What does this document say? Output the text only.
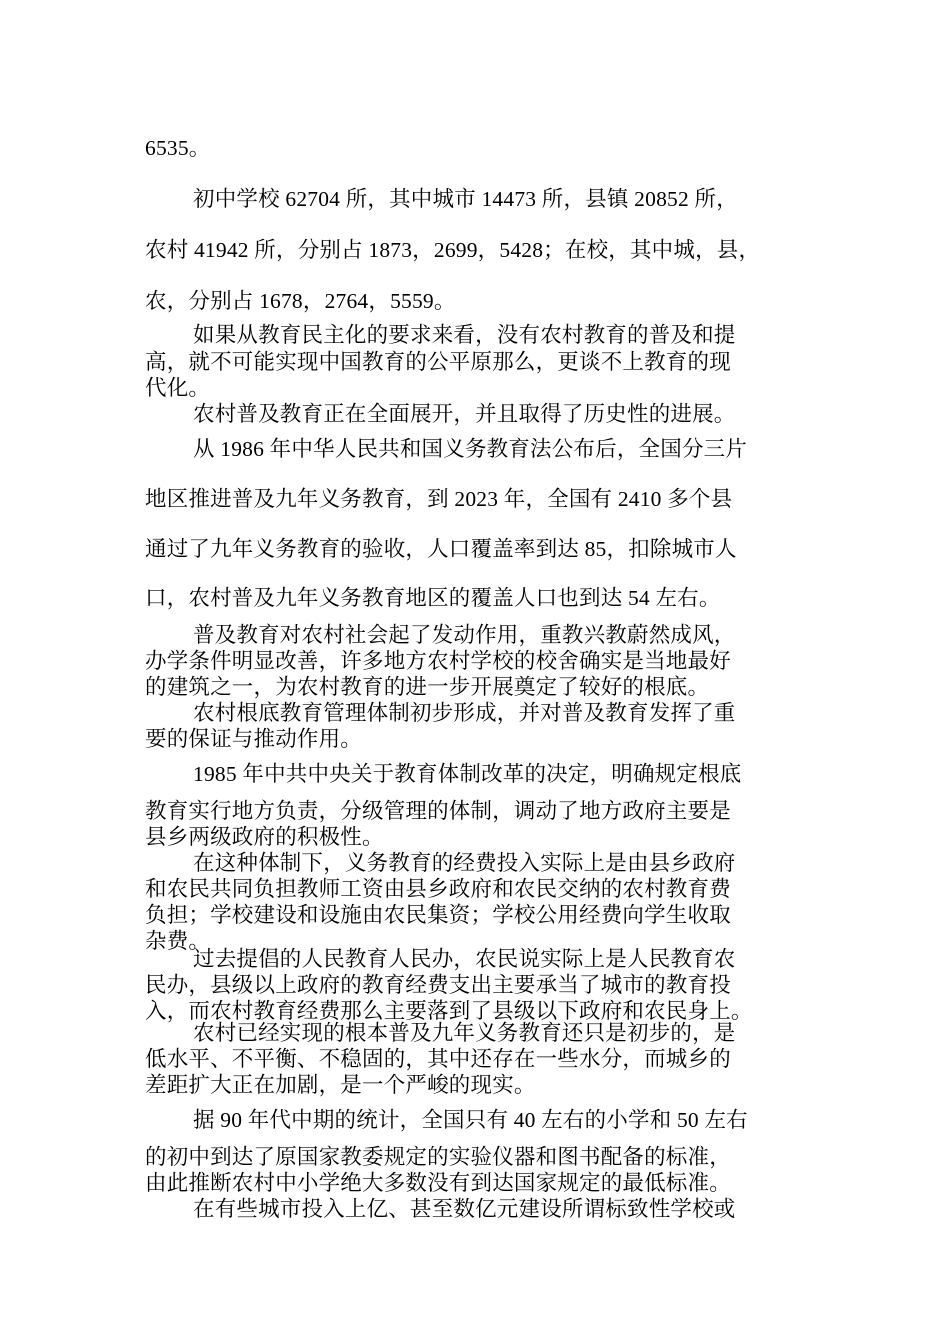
6535。

初中学校 62704 所，其中城市 14473 所，县镇 20852 所，

农村 41942 所，分别占 1873，2699，5428；在校，其中城，县，

农，分别占 1678，2764，5559。

如果从教育民主化的要求来看，没有农村教育的普及和提

高，就不可能实现中国教育的公平原那么，更谈不上教育的现

代化。

农村普及教育正在全面展开，并且取得了历史性的进展。

从 1986 年中华人民共和国义务教育法公布后，全国分三片

地区推进普及九年义务教育，到 2023 年，全国有 2410 多个县

通过了九年义务教育的验收，人口覆盖率到达 85，扣除城市人

口，农村普及九年义务教育地区的覆盖人口也到达 54 左右。

普及教育对农村社会起了发动作用，重教兴教蔚然成风，

办学条件明显改善，许多地方农村学校的校舍确实是当地最好

的建筑之一，为农村教育的进一步开展奠定了较好的根底。

农村根底教育管理体制初步形成，并对普及教育发挥了重

要的保证与推动作用。

1985 年中共中央关于教育体制改革的决定，明确规定根底

教育实行地方负责，分级管理的体制，调动了地方政府主要是

县乡两级政府的积极性。

在这种体制下，义务教育的经费投入实际上是由县乡政府

和农民共同负担教师工资由县乡政府和农民交纳的农村教育费

负担；学校建设和设施由农民集资；学校公用经费向学生收取

杂费。

过去提倡的人民教育人民办，农民说实际上是人民教育农

民办，县级以上政府的教育经费支出主要承当了城市的教育投

入，而农村教育经费那么主要落到了县级以下政府和农民身上。

农村已经实现的根本普及九年义务教育还只是初步的，是

低水平、不平衡、不稳固的，其中还存在一些水分，而城乡的

差距扩大正在加剧，是一个严峻的现实。

据 90 年代中期的统计，全国只有 40 左右的小学和 50 左右

的初中到达了原国家教委规定的实验仪器和图书配备的标准，

由此推断农村中小学绝大多数没有到达国家规定的最低标准。

在有些城市投入上亿、甚至数亿元建设所谓标致性学校或
